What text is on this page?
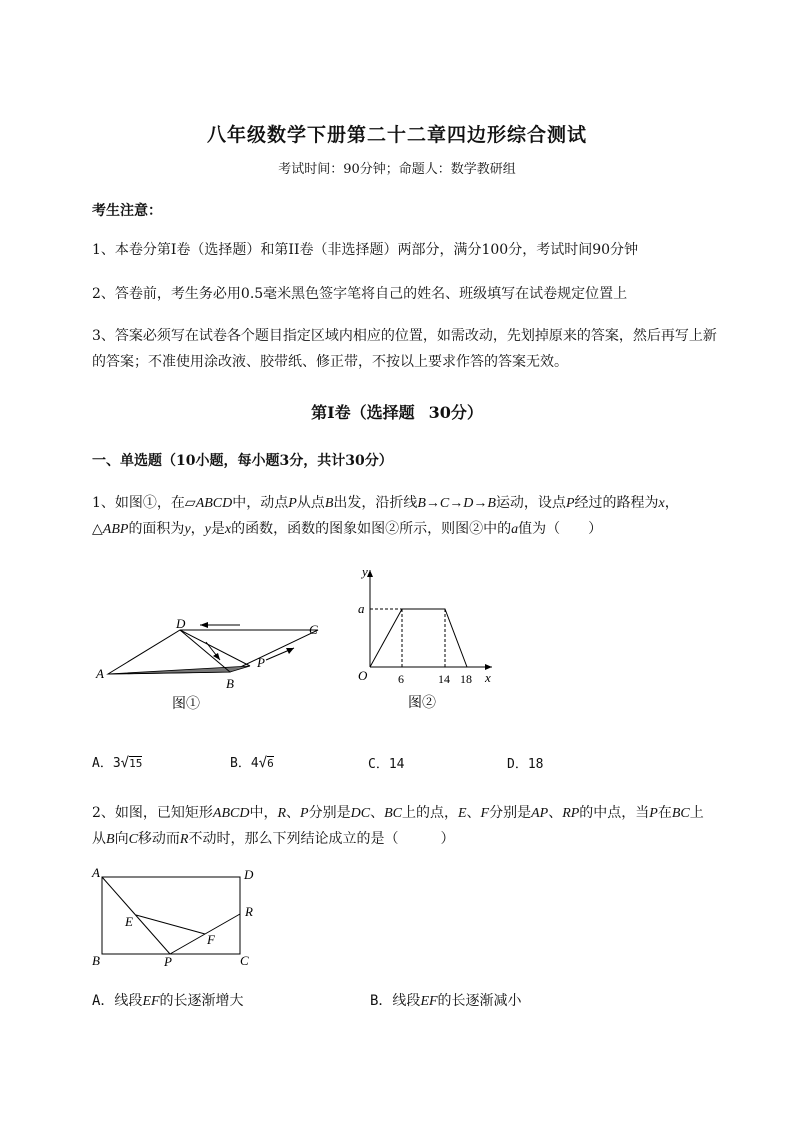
八年级数学下册第二十二章四边形综合测试
考试时间：90分钟；命题人：数学教研组
考生注意：
1、本卷分第I卷（选择题）和第II卷（非选择题）两部分，满分100分，考试时间90分钟
2、答卷前，考生务必用0.5毫米黑色签字笔将自己的姓名、班级填写在试卷规定位置上
3、答案必须写在试卷各个题目指定区域内相应的位置，如需改动，先划掉原来的答案，然后再写上新
的答案；不准使用涂改液、胶带纸、修正带，不按以上要求作答的答案无效。
第I卷（选择题 30分）
一、单选题（10小题，每小题3分，共计30分）
1、如图①，在▱ABCD中，动点P从点B出发，沿折线B→C→D→B运动，设点P经过的路程为x，
△ABP的面积为y，y是x的函数，函数的图象如图②所示，则图②中的a值为（　　）
A
D	C
B
P
图①
y
x
O
a
6	14 18
图②
A．3√15	B．4√6	C．14	D．18
2、如图，已知矩形ABCD中，R、P分别是DC、BC上的点，E、F分别是AP、RP的中点，当P在BC上
从B向C移动而R不动时，那么下列结论成立的是（　　　）
A	D
B	C
P
R
E
F
A．线段EF的长逐渐增大	B．线段EF的长逐渐减小
